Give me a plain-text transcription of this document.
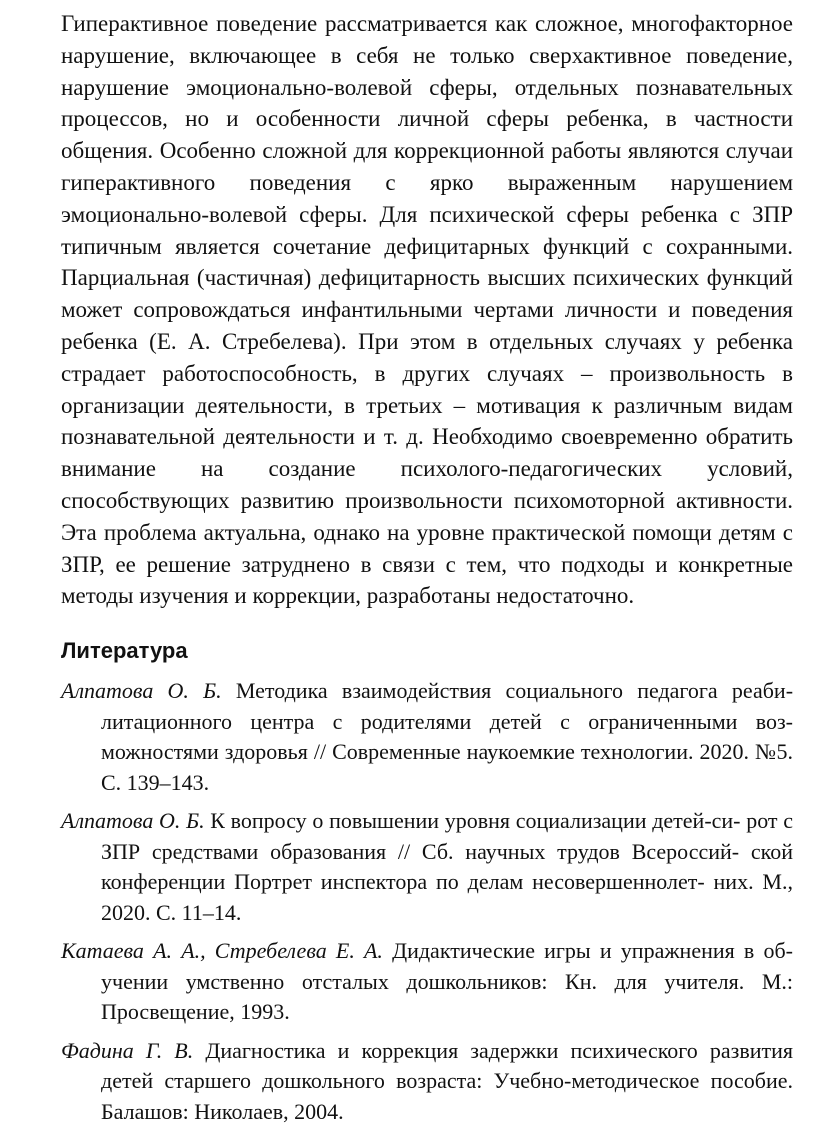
Гиперактивное поведение рассматривается как сложное, многофакторное нарушение, включающее в себя не только сверхактивное поведение, нарушение эмоционально-волевой сферы, отдельных познавательных процессов, но и особенности личной сферы ребенка, в частности общения. Особенно сложной для коррекционной работы являются случаи гиперактивного поведения с ярко выраженным нарушением эмоционально-волевой сферы. Для психической сферы ребенка с ЗПР типичным является сочетание дефицитарных функций с сохранными. Парциальная (частичная) дефицитарность высших психических функций может сопровождаться инфантильными чертами личности и поведения ребенка (Е. А. Стребелева). При этом в отдельных случаях у ребенка страдает работоспособность, в других случаях – произвольность в организации деятельности, в третьих – мотивация к различным видам познавательной деятельности и т. д. Необходимо своевременно обратить внимание на создание психолого-педагогических условий, способствующих развитию произвольности психомоторной активности. Эта проблема актуальна, однако на уровне практической помощи детям с ЗПР, ее решение затруднено в связи с тем, что подходы и конкретные методы изучения и коррекции, разработаны недостаточно.

Литература
Алпатова О. Б. Методика взаимодействия социального педагога реабилитационного центра с родителями детей с ограниченными возможностями здоровья // Современные наукоемкие технологии. 2020. №5. С. 139–143.
Алпатова О. Б. К вопросу о повышении уровня социализации детей-си- рот с ЗПР средствами образования // Сб. научных трудов Всероссий- ской конференции Портрет инспектора по делам несовершеннолет- них. М., 2020. С. 11–14.
Катаева А. А., Стребелева Е. А. Дидактические игры и упражнения в обучении умственно отсталых дошкольников: Кн. для учителя. М.: Просвещение, 1993.
Фадина Г. В. Диагностика и коррекция задержки психического развития детей старшего дошкольного возраста: Учебно-методическое пособие. Балашов: Николаев, 2004.
